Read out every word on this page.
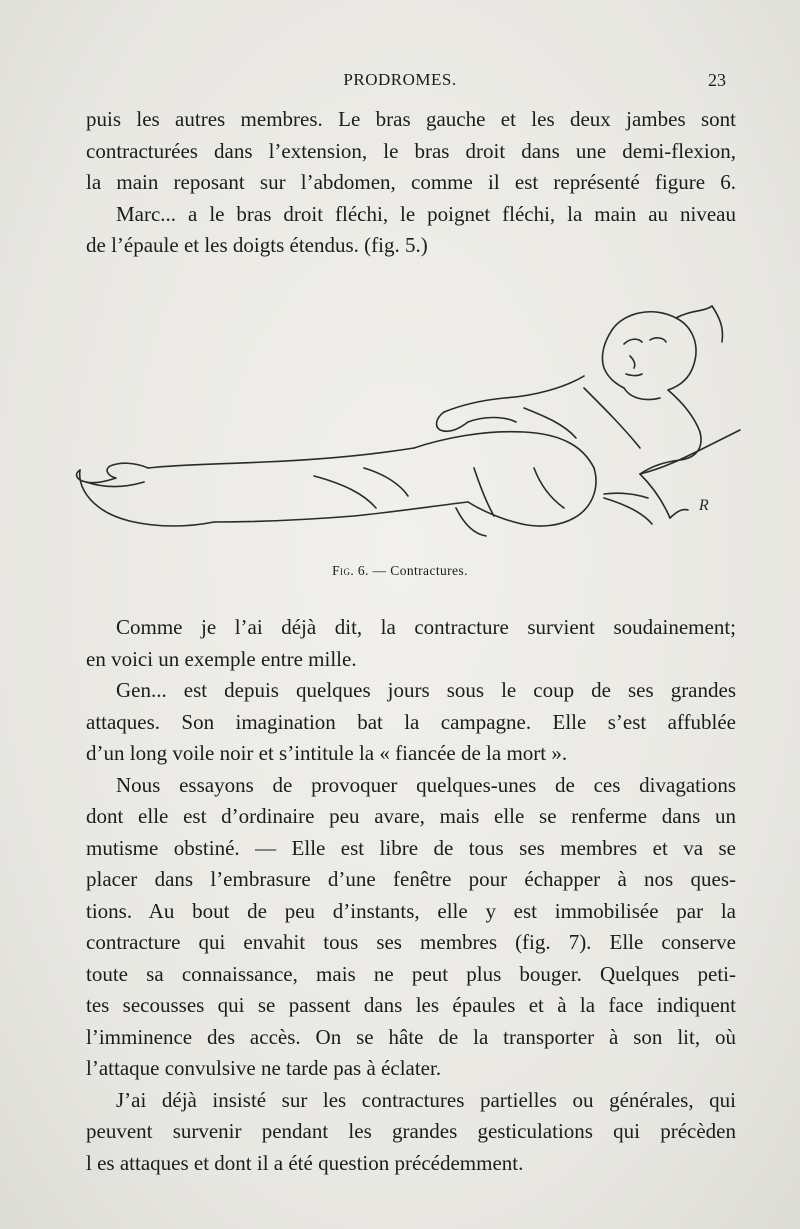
PRODROMES.	23
puis les autres membres. Le bras gauche et les deux jambes sont
contracturées dans l’extension, le bras droit dans une demi-flexion,
la main reposant sur l’abdomen, comme il est représenté figure 6.
Marc... a le bras droit fléchi, le poignet fléchi, la main au niveau
de l’épaule et les doigts étendus. (fig. 5.)
R
Fig. 6. — Contractures.
Comme je l’ai déjà dit, la contracture survient soudainement;
en voici un exemple entre mille.
Gen... est depuis quelques jours sous le coup de ses grandes
attaques. Son imagination bat la campagne. Elle s’est affublée
d’un long voile noir et s’intitule la « fiancée de la mort ».
Nous essayons de provoquer quelques-unes de ces divagations
dont elle est d’ordinaire peu avare, mais elle se renferme dans un
mutisme obstiné. — Elle est libre de tous ses membres et va se
placer dans l’embrasure d’une fenêtre pour échapper à nos ques-
tions. Au bout de peu d’instants, elle y est immobilisée par la
contracture qui envahit tous ses membres (fig. 7). Elle conserve
toute sa connaissance, mais ne peut plus bouger. Quelques peti-
tes secousses qui se passent dans les épaules et à la face indiquent
l’imminence des accès. On se hâte de la transporter à son lit, où
l’attaque convulsive ne tarde pas à éclater.
J’ai déjà insisté sur les contractures partielles ou générales, qui
peuvent survenir pendant les grandes gesticulations qui précèden
l es attaques et dont il a été question précédemment.
